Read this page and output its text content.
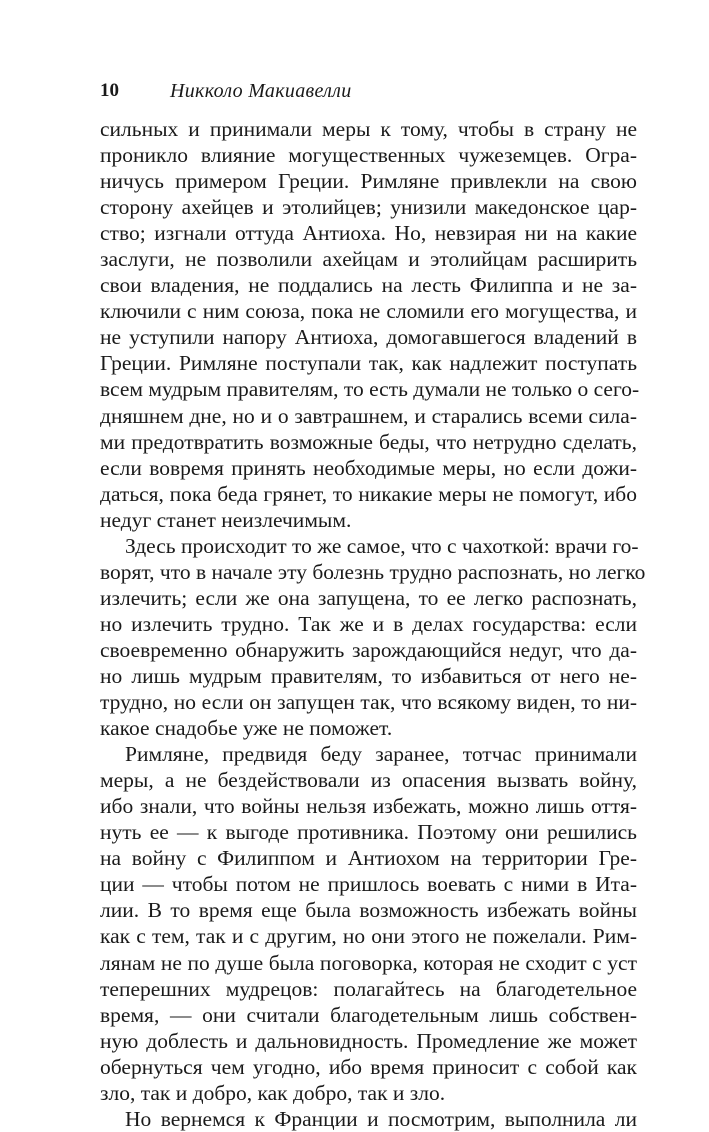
10	Никколо Макиавелли
сильных и принимали меры к тому, чтобы в страну не
проникло влияние могущественных чужеземцев. Огра-
ничусь примером Греции. Римляне привлекли на свою
сторону ахейцев и этолийцев; унизили македонское цар-
ство; изгнали оттуда Антиоха. Но, невзирая ни на какие
заслуги, не позволили ахейцам и этолийцам расширить
свои владения, не поддались на лесть Филиппа и не за-
ключили с ним союза, пока не сломили его могущества, и
не уступили напору Антиоха, домогавшегося владений в
Греции. Римляне поступали так, как надлежит поступать
всем мудрым правителям, то есть думали не только о сего-
дняшнем дне, но и о завтрашнем, и старались всеми сила-
ми предотвратить возможные беды, что нетрудно сделать,
если вовремя принять необходимые меры, но если дожи-
даться, пока беда грянет, то никакие меры не помогут, ибо
недуг станет неизлечимым.
Здесь происходит то же самое, что с чахоткой: врачи го-
ворят, что в начале эту болезнь трудно распознать, но легко
излечить; если же она запущена, то ее легко распознать,
но излечить трудно. Так же и в делах государства: если
своевременно обнаружить зарождающийся недуг, что да-
но лишь мудрым правителям, то избавиться от него не-
трудно, но если он запущен так, что всякому виден, то ни-
какое снадобье уже не поможет.
Римляне, предвидя беду заранее, тотчас принимали
меры, а не бездействовали из опасения вызвать войну,
ибо знали, что войны нельзя избежать, можно лишь оття-
нуть ее — к выгоде противника. Поэтому они решились
на войну с Филиппом и Антиохом на территории Гре-
ции — чтобы потом не пришлось воевать с ними в Ита-
лии. В то время еще была возможность избежать войны
как с тем, так и с другим, но они этого не пожелали. Рим-
лянам не по душе была поговорка, которая не сходит с уст
теперешних мудрецов: полагайтесь на благодетельное
время, — они считали благодетельным лишь собствен-
ную доблесть и дальновидность. Промедление же может
обернуться чем угодно, ибо время приносит с собой как
зло, так и добро, как добро, так и зло.
Но вернемся к Франции и посмотрим, выполнила ли
